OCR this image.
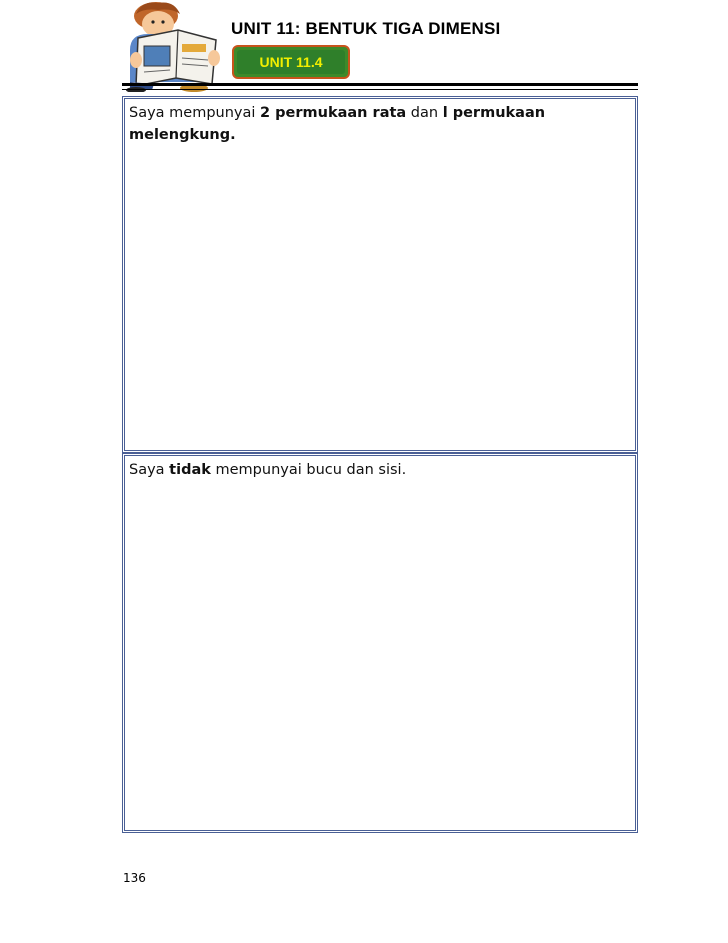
UNIT 11: BENTUK TIGA DIMENSI
UNIT 11.4

Saya mempunyai 2 permukaan rata dan l permukaan melengkung.

Saya tidak mempunyai bucu dan sisi.

136
